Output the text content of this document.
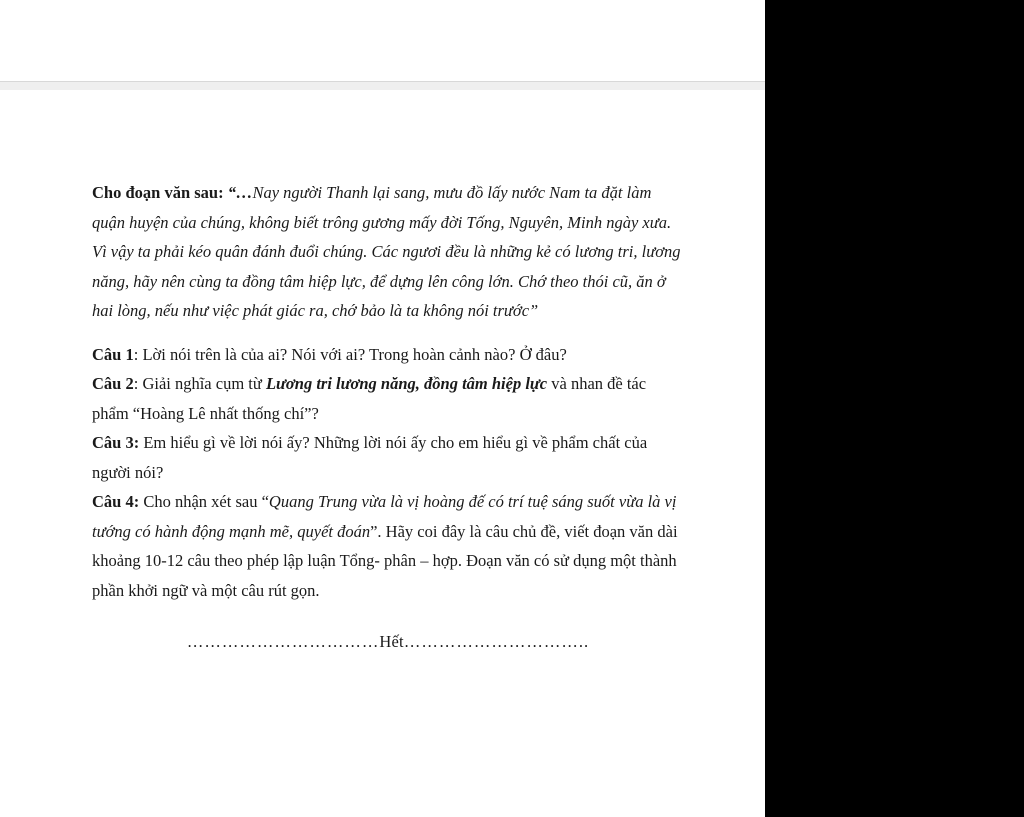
Cho đoạn văn sau: “…Nay người Thanh lại sang, mưu đồ lấy nước Nam ta đặt làm quận huyện của chúng, không biết trông gương mấy đời Tống, Nguyên, Minh ngày xưa. Vì vậy ta phải kéo quân đánh đuổi chúng. Các ngươi đều là những kẻ có lương tri, lương năng, hãy nên cùng ta đồng tâm hiệp lực, để dựng lên công lớn. Chớ theo thói cũ, ăn ở hai lòng, nếu như việc phát giác ra, chớ bảo là ta không nói trước”

Câu 1: Lời nói trên là của ai? Nói với ai? Trong hoàn cảnh nào? Ở đâu?

Câu 2: Giải nghĩa cụm từ Lương tri lương năng, đồng tâm hiệp lực và nhan đề tác phẩm “Hoàng Lê nhất thống chí”?

Câu 3: Em hiểu gì về lời nói ấy? Những lời nói ấy cho em hiểu gì về phẩm chất của người nói?

Câu 4: Cho nhận xét sau “Quang Trung vừa là vị hoàng đế có trí tuệ sáng suốt vừa là vị tướng có hành động mạnh mẽ, quyết đoán”. Hãy coi đây là câu chủ đề, viết đoạn văn dài khoảng 10-12 câu theo phép lập luận Tổng- phân – hợp. Đoạn văn có sử dụng một thành phần khởi ngữ và một câu rút gọn.

……………………………Hết…………………………..
